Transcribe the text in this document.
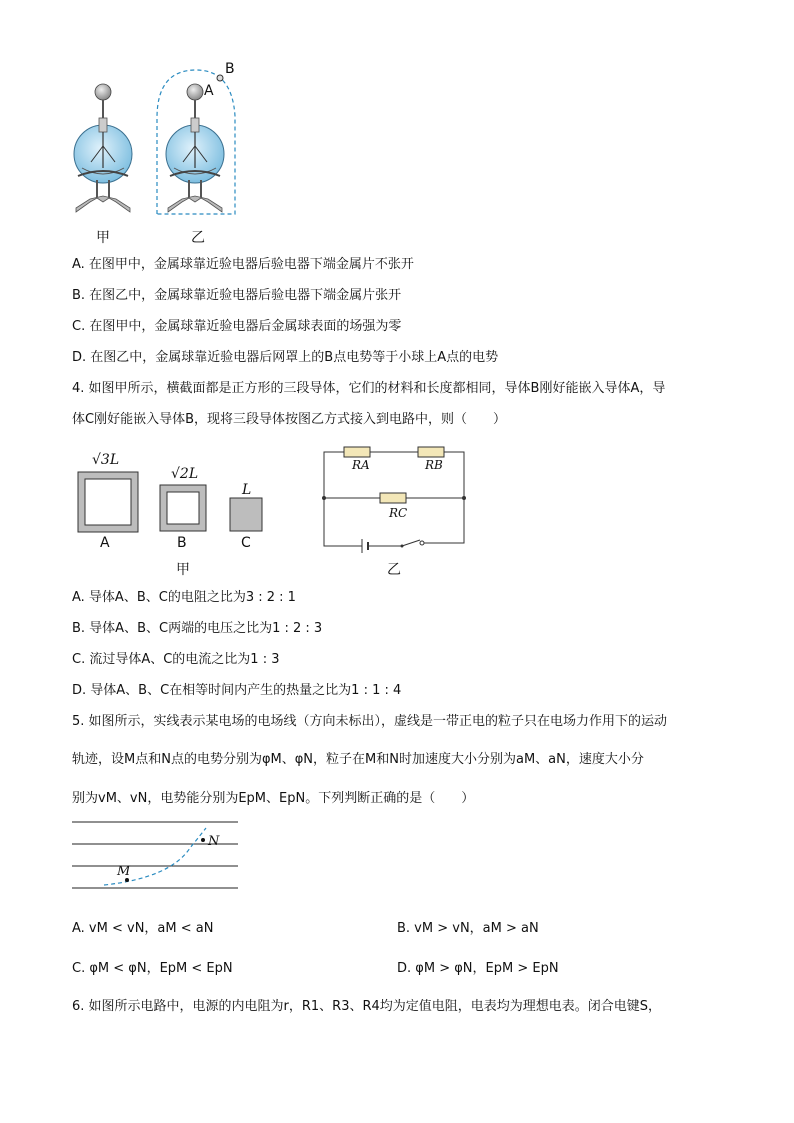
B
A
甲	乙
A. 在图甲中，金属球靠近验电器后验电器下端金属片不张开
B. 在图乙中，金属球靠近验电器后验电器下端金属片张开
C. 在图甲中，金属球靠近验电器后金属球表面的场强为零
D. 在图乙中，金属球靠近验电器后网罩上的B点电势等于小球上A点的电势
4. 如图甲所示，横截面都是正方形的三段导体，它们的材料和长度都相同，导体B刚好能嵌入导体A，导
体C刚好能嵌入导体B，现将三段导体按图乙方式接入到电路中，则（　　）
√3L
√2L
L
A	B	C
甲
RA	RB
RC
乙
A. 导体A、B、C的电阻之比为3 : 2 : 1
B. 导体A、B、C两端的电压之比为1 : 2 : 3
C. 流过导体A、C的电流之比为1 : 3
D. 导体A、B、C在相等时间内产生的热量之比为1 : 1 : 4
5. 如图所示，实线表示某电场的电场线（方向未标出），虚线是一带正电的粒子只在电场力作用下的运动
轨迹，设M点和N点的电势分别为φM、φN，粒子在M和N时加速度大小分别为aM、aN，速度大小分
别为vM、vN，电势能分别为EpM、EpN。下列判断正确的是（　　）
M
N
A. vM < vN，aM < aN	B. vM > vN，aM > aN
C. φM < φN，EpM < EpN	D. φM > φN，EpM > EpN
6. 如图所示电路中，电源的内电阻为r，R1、R3、R4均为定值电阻，电表均为理想电表。闭合电键S，
